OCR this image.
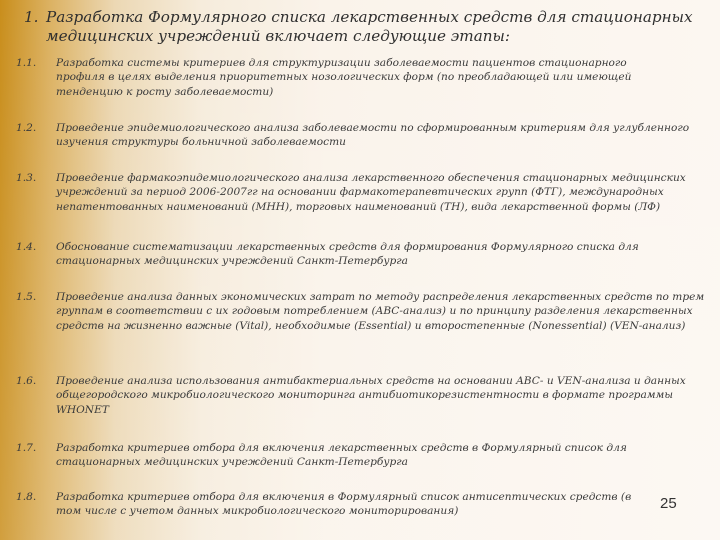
1. Разработка Формулярного списка лекарственных средств для стационарных медицинских учреждений включает следующие этапы:
1.1. Разработка системы критериев для структуризации заболеваемости пациентов стационарного профиля в целях выделения приоритетных нозологических форм (по преобладающей или имеющей тенденцию к росту заболеваемости)
1.2. Проведение эпидемиологического анализа заболеваемости по сформированным критериям для углубленного изучения структуры больничной заболеваемости
1.3. Проведение фармакоэпидемиологического анализа лекарственного обеспечения стационарных медицинских учреждений за период 2006-2007гг на основании фармакотерапевтических групп (ФТГ), международных непатентованных наименований (МНН), торговых наименований (ТН), вида лекарственной формы (ЛФ)
1.4. Обоснование систематизации лекарственных средств для формирования Формулярного списка для стационарных медицинских учреждений Санкт-Петербурга
1.5. Проведение анализа данных экономических затрат по методу распределения лекарственных средств по трем группам в соответствии с их годовым потреблением (ABC-анализ) и по принципу разделения лекарственных средств на жизненно важные (Vital), необходимые (Essential) и второстепенные (Nonessential) (VEN-анализ)
1.6. Проведение анализа использования антибактериальных средств на основании ABC- и VEN-анализа и данных общегородского микробиологического мониторинга антибиотикорезистентности в формате программы WHONET
1.7. Разработка критериев отбора для включения лекарственных средств в Формулярный список для стационарных медицинских учреждений Санкт-Петербурга
1.8. Разработка критериев отбора для включения в Формулярный список антисептических средств (в том числе с учетом данных микробиологического мониторирования)	25
